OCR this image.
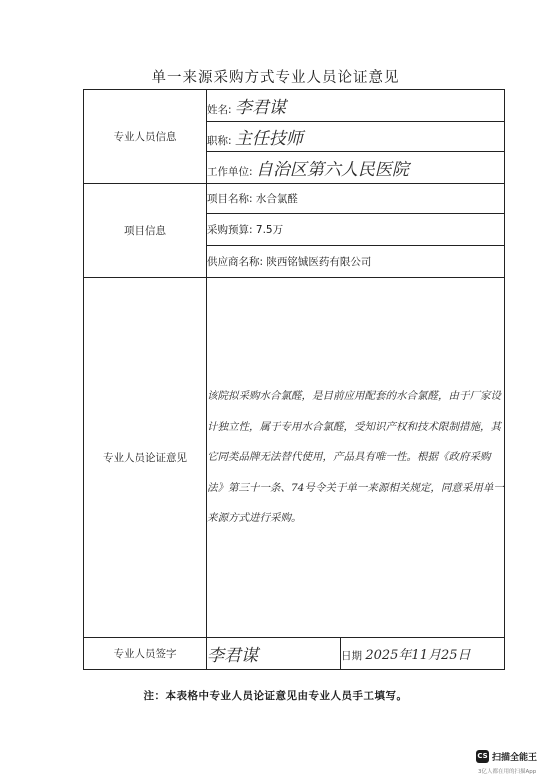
单一来源采购方式专业人员论证意见
专业人员信息	姓名: 李君谋	
	职称: 主任技师	
	工作单位: 自治区第六人民医院	
项目信息	项目名称: 水合氯醛	
	采购预算: 7.5万	
	供应商名称: 陕西铭铖医药有限公司	
专业人员论证意见	该院拟采购水合氯醛，是目前应用配套的水合氯醛，由于厂家设计独立性，属于专用水合氯醛，受知识产权和技术限制措施，其它同类品牌无法替代使用，产品具有唯一性。根据《政府采购法》第三十一条、74号令关于单一来源相关规定，同意采用单一来源方式进行采购。	
专业人员签字	李君谋	日期 2025年11月25日
注：本表格中专业人员论证意见由专业人员手工填写。
CS 扫描全能王
3亿人都在用的扫描App
